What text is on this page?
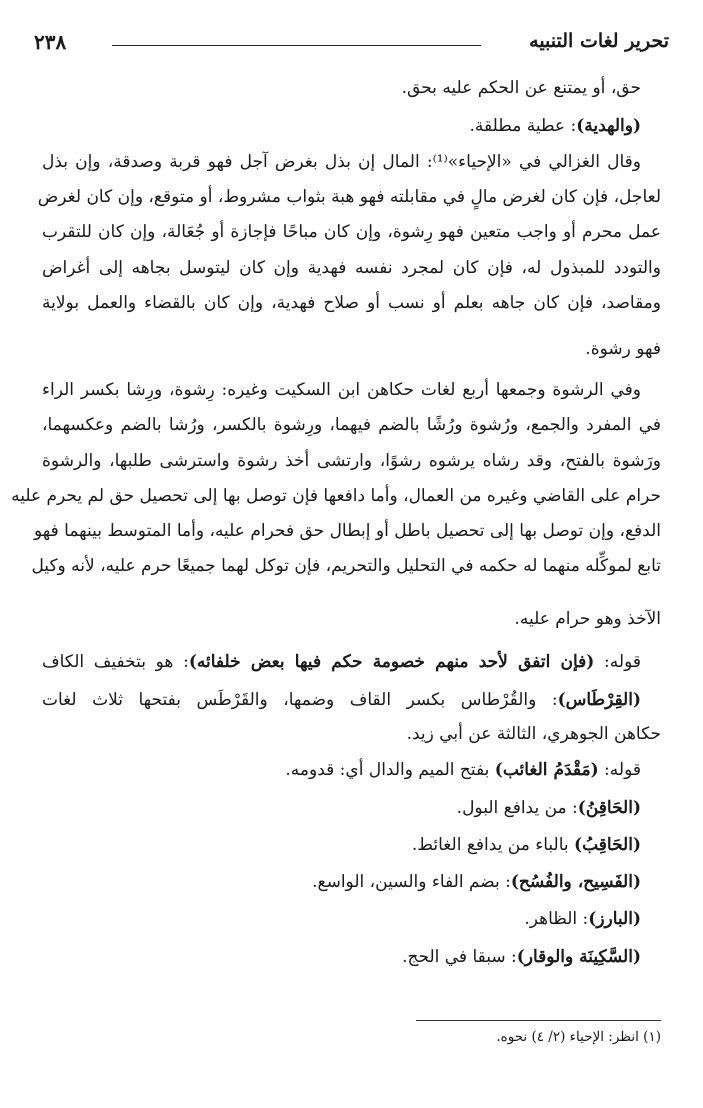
تحرير لغات التنبيه
٢٣٨
حق، أو يمتنع عن الحكم عليه بحق.
(والهدية): عطية مطلقة.
وقال الغزالي في «الإحياء»⁽¹⁾: المال إن بذل بغرض آجل فهو قربة وصدقة، وإن بذل
لعاجل، فإن كان لغرض مالٍ في مقابلته فهو هبة بثواب مشروط، أو متوقع، وإن كان لغرض
عمل محرم أو واجب متعين فهو رِشوة، وإن كان مباحًا فإجازة أو جُعَالة، وإن كان للتقرب
والتودد للمبذول له، فإن كان لمجرد نفسه فهدية وإن كان ليتوسل بجاهه إلى أغراض
ومقاصد، فإن كان جاهه بعلم أو نسب أو صلاح فهدية، وإن كان بالقضاء والعمل بولاية
فهو رشوة.
وفي الرشوة وجمعها أربع لغات حكاهن ابن السكيت وغيره: رِشوة، ورِشا بكسر الراء
في المفرد والجمع، ورُشوة ورُشًا بالضم فيهما، ورِشوة بالكسر، ورُشا بالضم وعكسهما،
ورَشوة بالفتح، وقد رشاه يرشوه رشوًا، وارتشى أخذ رشوة واسترشى طلبها، والرشوة
حرام على القاضي وغيره من العمال، وأما دافعها فإن توصل بها إلى تحصيل حق لم يحرم عليه
الدفع، وإن توصل بها إلى تحصيل باطل أو إبطال حق فحرام عليه، وأما المتوسط بينهما فهو
تابع لموكِّله منهما له حكمه في التحليل والتحريم، فإن توكل لهما جميعًا حرم عليه، لأنه وكيل
الآخذ وهو حرام عليه.
قوله: (فإن اتفق لأحد منهم خصومة حكم فيها بعض خلفائه): هو بتخفيف الكاف
(القِرْطَاس): والقُرْطاس بكسر القاف وضمها، والقَرْطَس بفتحها ثلاث لغات
حكاهن الجوهري، الثالثة عن أبي زيد.
قوله: (مَقْدَمُ الغائب) بفتح الميم والدال أي: قدومه.
(الحَاقِنُ): من يدافع البول.
(الحَاقِبُ) بالباء من يدافع الغائط.
(الفَسِيح، والفُسُح): بضم الفاء والسين، الواسع.
(البارز): الظاهر.
(السَّكِينَة والوقار): سبقا في الحج.
(١) انظر: الإحياء (٢/ ٤) نحوه.
